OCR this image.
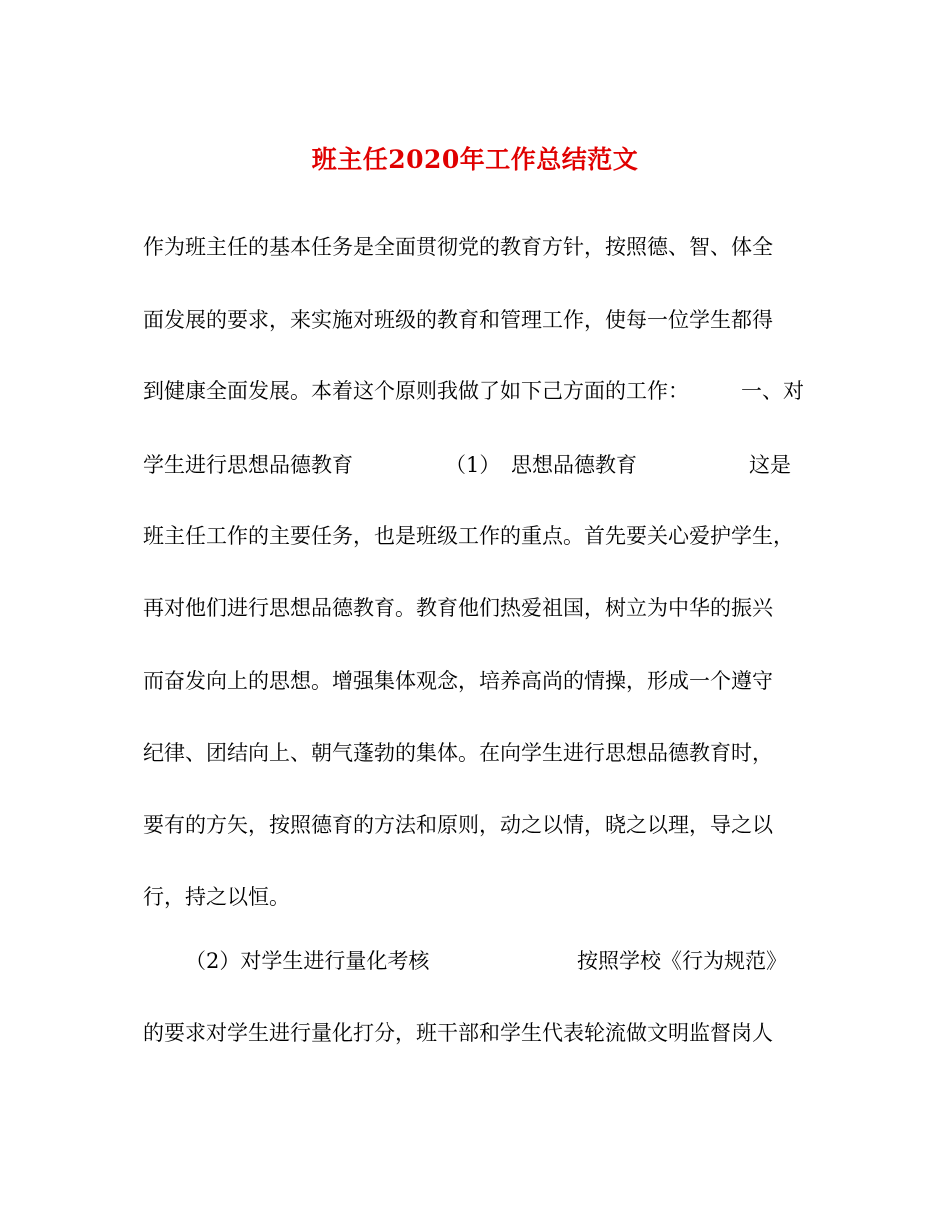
班主任2020年工作总结范文
作为班主任的基本任务是全面贯彻党的教育方针，按照德、智、体全
面发展的要求，来实施对班级的教育和管理工作，使每一位学生都得
到健康全面发展。本着这个原则我做了如下己方面的工作： 一、对
学生进行思想品德教育	（1） 思想品德教育	这是
班主任工作的主要任务，也是班级工作的重点。首先要关心爱护学生，
再对他们进行思想品德教育。教育他们热爱祖国，树立为中华的振兴
而奋发向上的思想。增强集体观念，培养高尚的情操，形成一个遵守
纪律、团结向上、朝气蓬勃的集体。在向学生进行思想品德教育时，
要有的方矢，按照德育的方法和原则，动之以情，晓之以理，导之以
行，持之以恒。
（2）对学生进行量化考核	按照学校《行为规范》
的要求对学生进行量化打分，班干部和学生代表轮流做文明监督岗人
